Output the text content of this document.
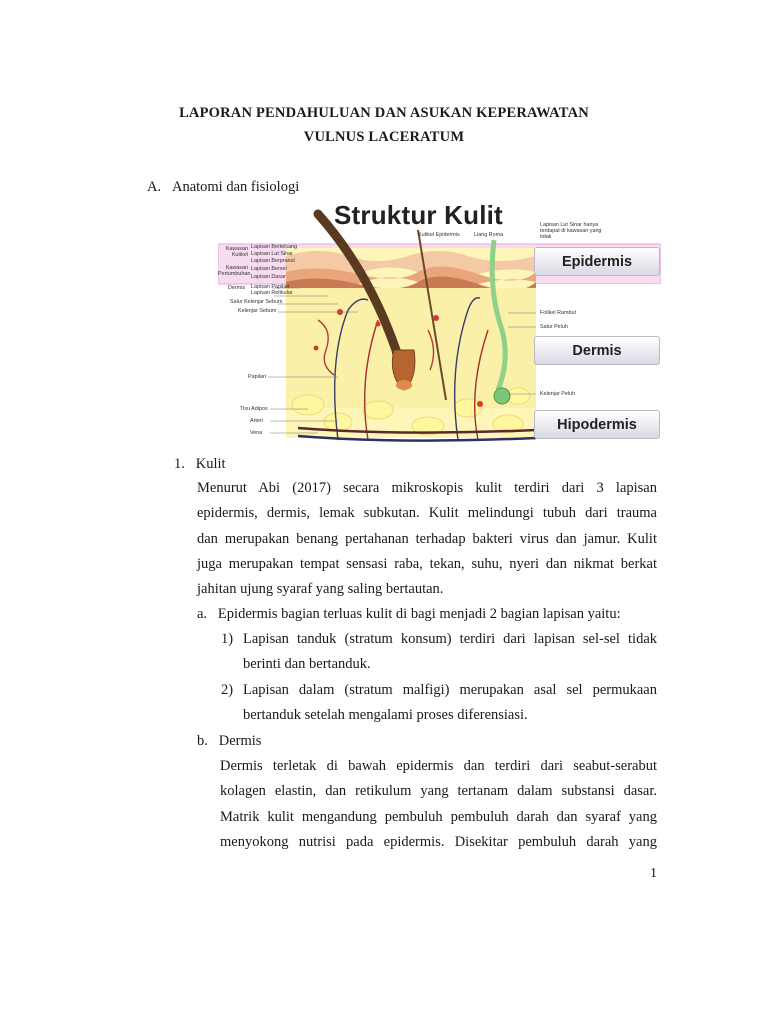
LAPORAN PENDAHULUAN DAN ASUKAN KEPERAWATAN
VULNUS LACERATUM
A.   Anatomi dan fisiologi
Struktur Kulit
Epidermis
Dermis
Hipodermis
Kawasan Kutikel
Kawasan Pertumbuhan
Lapisan Bertelcang
Lapisan Lut Sinar
Lapisan Berpranul
Lapisan Bersel
Lapisan Dasar
Dermis Lapisan Papilari
Lapisan Retikular
Salur Kelenjar Sebum
Kelenjar Sebum
Papilari
Tisu Adipos
Arteri
Vena
Kutikel Epidermis	Liang Roma
Lapisan Lut Sinar hanya terdapat di kawasan yang tidak
Folikel Rambut
Salur Peluh
Kelenjar Peluh
1.   Kulit
Menurut Abi (2017) secara mikroskopis kulit terdiri dari 3 lapisan
epidermis, dermis, lemak subkutan. Kulit melindungi tubuh dari trauma
dan merupakan benang pertahanan terhadap bakteri virus dan jamur. Kulit
juga merupakan tempat sensasi raba, tekan, suhu, nyeri dan nikmat berkat
jahitan ujung syaraf yang saling bertautan.
a.   Epidermis bagian terluas kulit di bagi menjadi 2 bagian lapisan yaitu:
1) Lapisan tanduk (stratum konsum) terdiri dari lapisan sel-sel tidak
berinti dan bertanduk.
2) Lapisan dalam (stratum malfigi) merupakan asal sel permukaan
bertanduk setelah mengalami proses diferensiasi.
b.   Dermis
Dermis terletak di bawah epidermis dan terdiri dari seabut-serabut
kolagen elastin, dan retikulum yang tertanam dalam substansi dasar.
Matrik kulit mengandung pembuluh pembuluh darah dan syaraf yang
menyokong nutrisi pada epidermis. Disekitar pembuluh darah yang
1
